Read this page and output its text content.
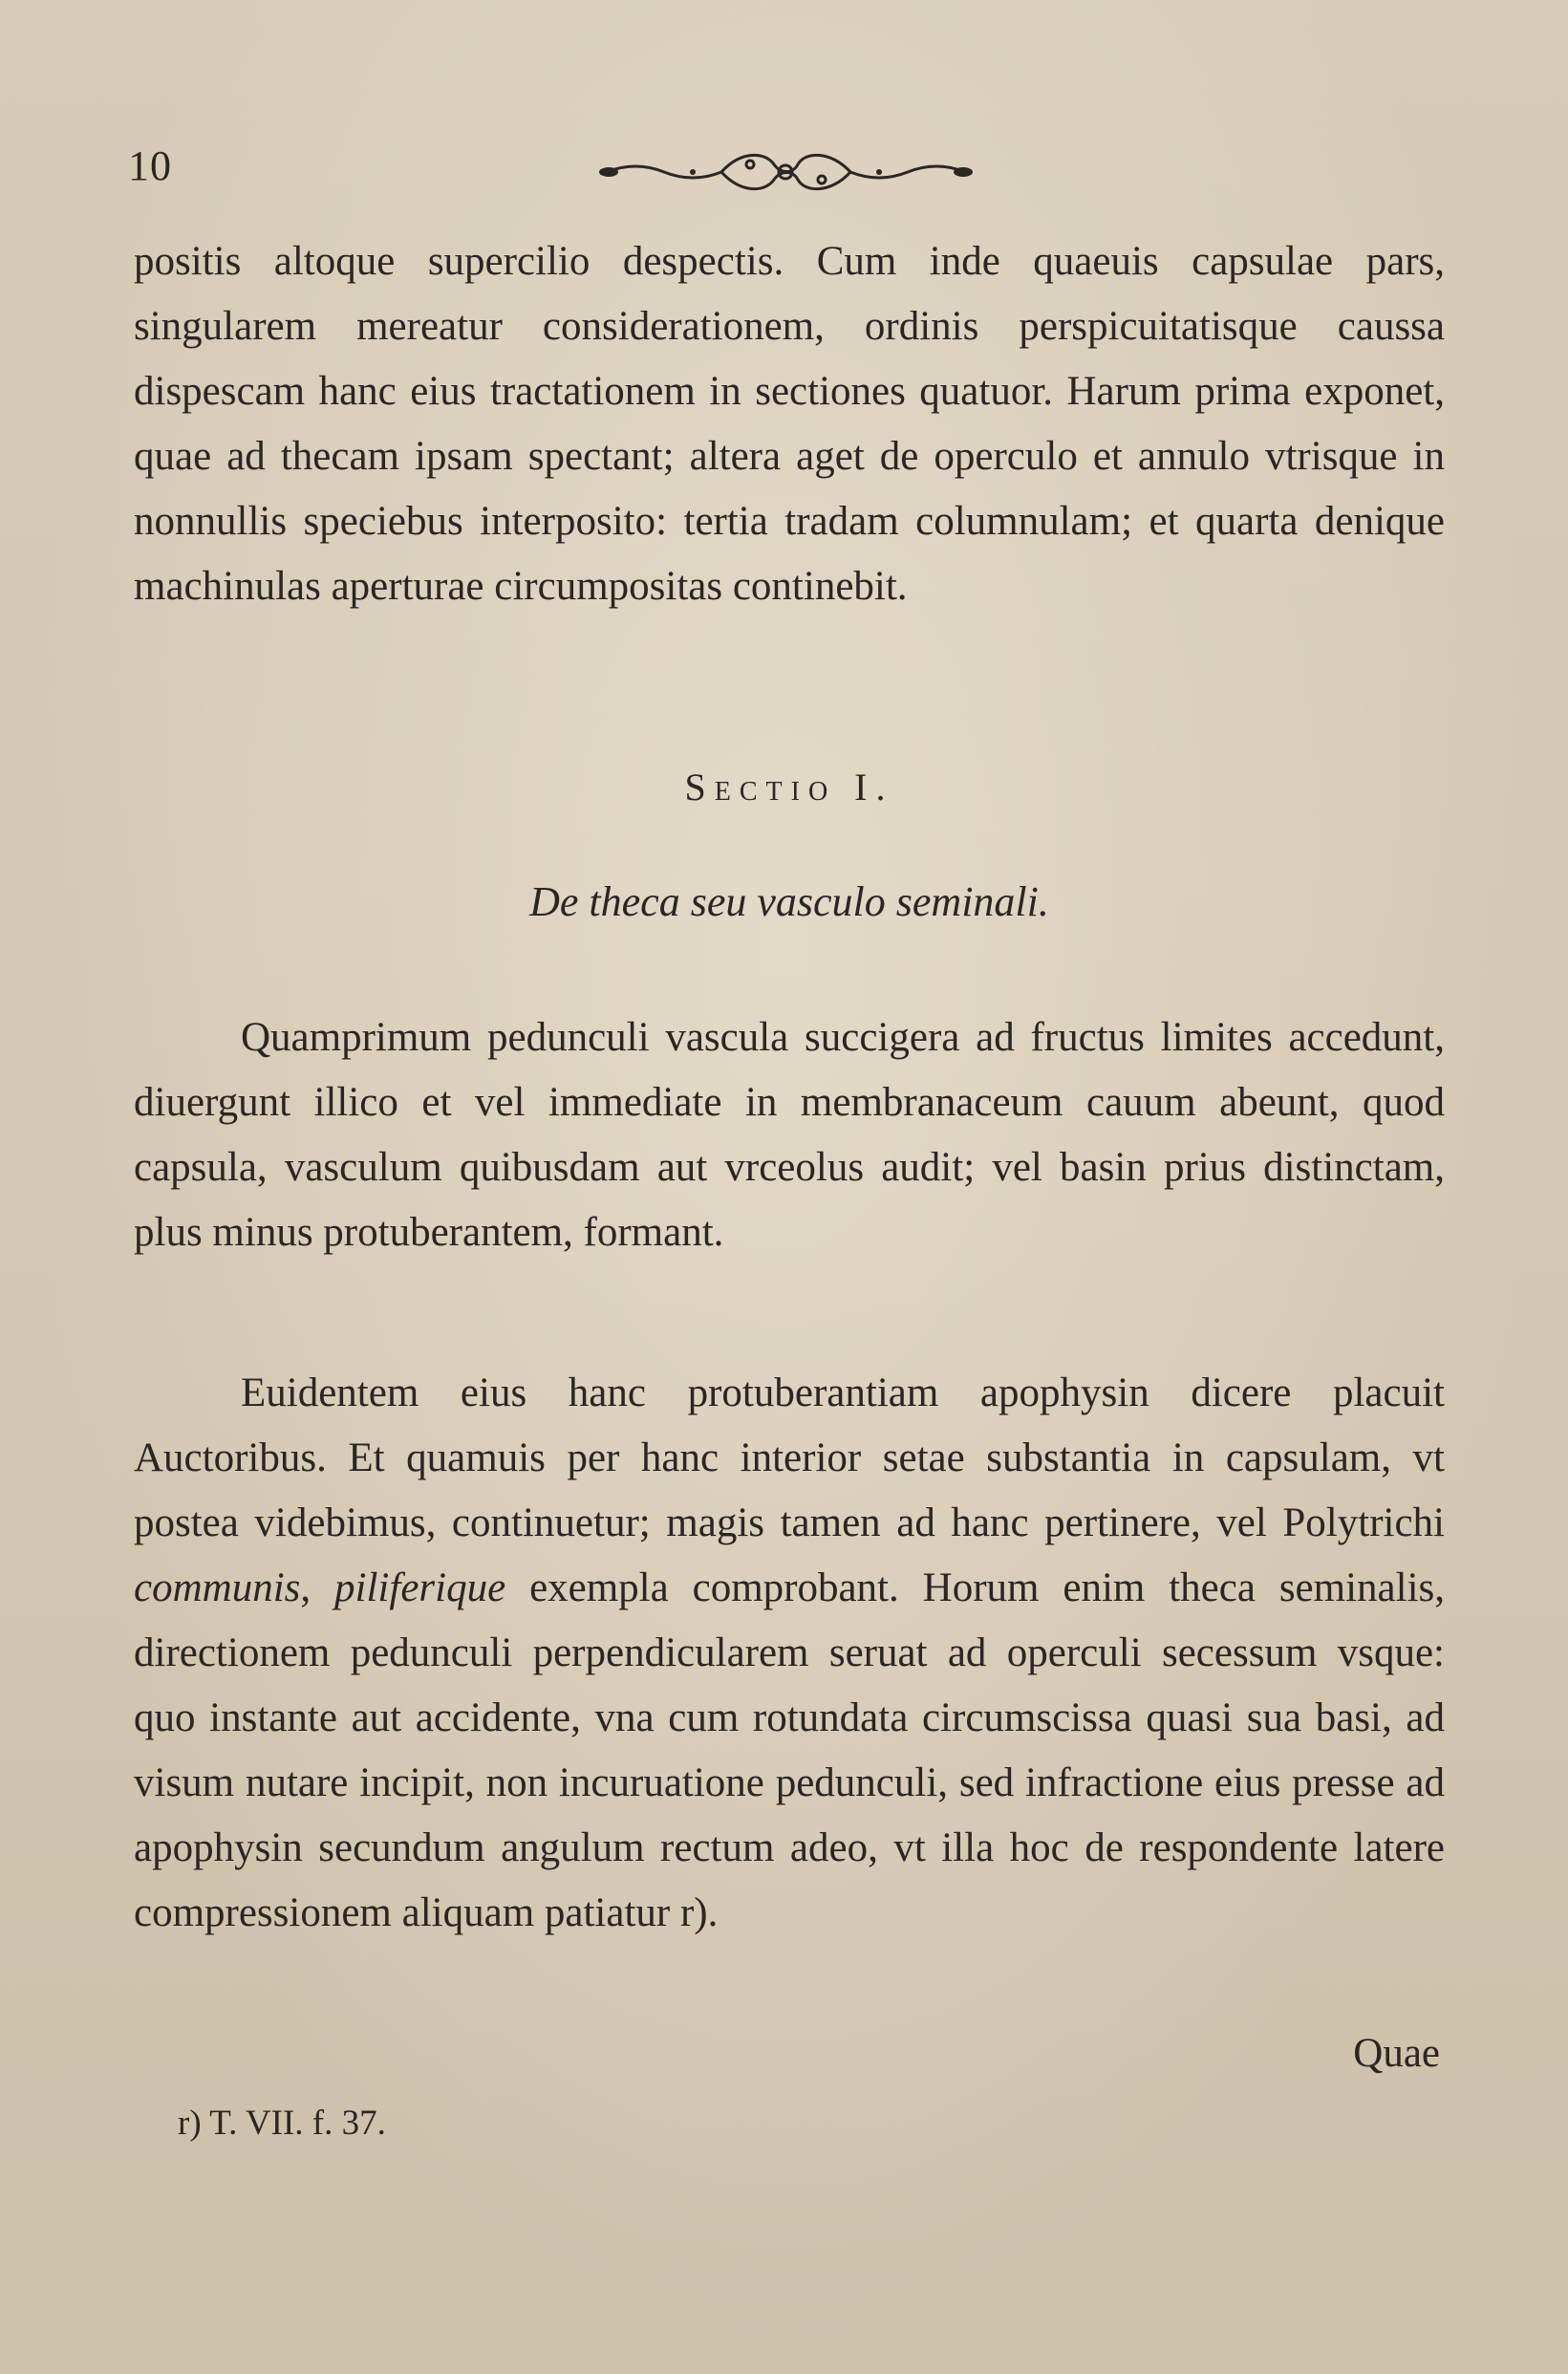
10

positis altoque supercilio despectis. Cum inde quaeuis capsulae pars, singularem mereatur considerationem, ordinis perspicuitatisque caussa dispescam hanc eius tractationem in sectiones quatuor. Harum prima exponet, quae ad thecam ipsam spectant; altera aget de operculo et annulo vtrisque in nonnullis speciebus interposito: tertia tradam columnulam; et quarta denique machinulas aperturae circumpositas continebit.

Sectio I.
De theca seu vasculo seminali.

Quamprimum pedunculi vascula succigera ad fructus limites accedunt, diuergunt illico et vel immediate in membranaceum cauum abeunt, quod capsula, vasculum quibusdam aut vrceolus audit; vel basin prius distinctam, plus minus protuberantem, formant.

Euidentem eius hanc protuberantiam apophysin dicere placuit Auctoribus. Et quamuis per hanc interior setae substantia in capsulam, vt postea videbimus, continuetur; magis tamen ad hanc pertinere, vel Polytrichi communis, piliferique exempla comprobant. Horum enim theca seminalis, directionem pedunculi perpendicularem seruat ad operculi secessum vsque: quo instante aut accidente, vna cum rotundata circumscissa quasi sua basi, ad visum nutare incipit, non incuruatione pedunculi, sed infractione eius presse ad apophysin secundum angulum rectum adeo, vt illa hoc de respondente latere compressionem aliquam patiatur r).

Quae
r) T. VII. f. 37.
